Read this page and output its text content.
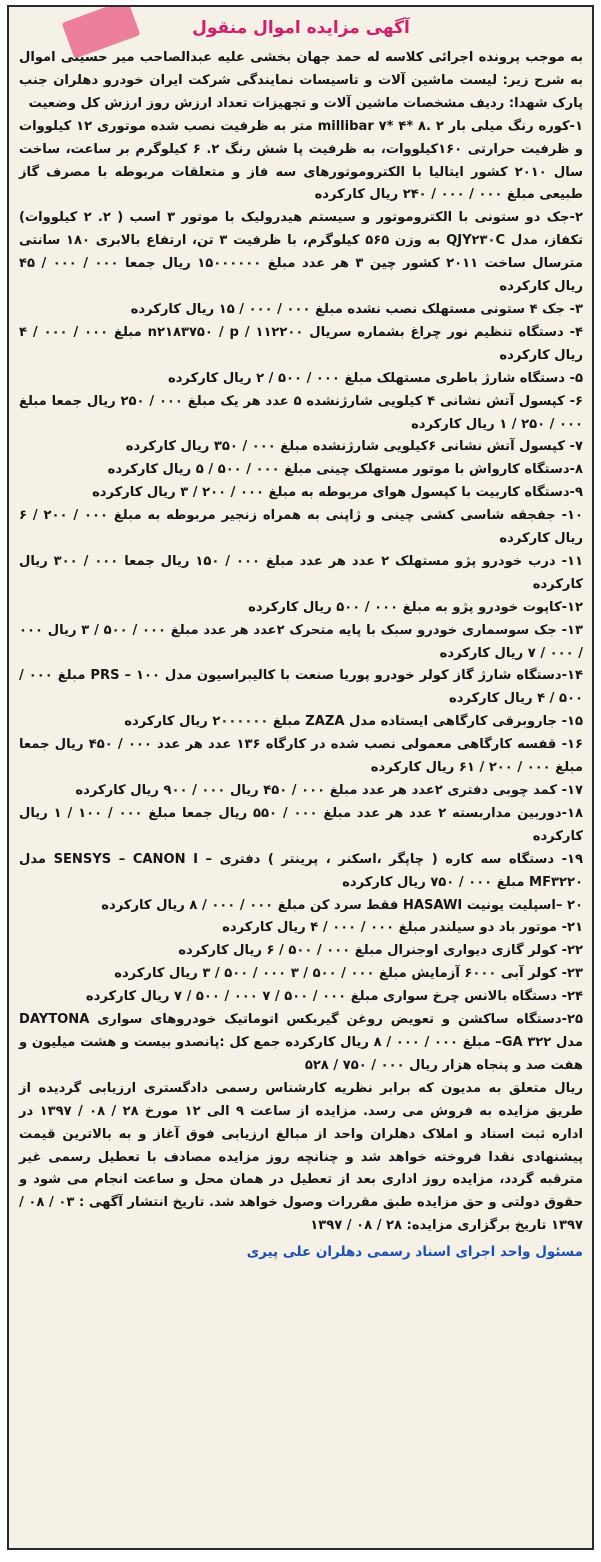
آگهی مزایده اموال منقول

به موجب پرونده اجرائی کلاسه له حمد جهان بخشی علیه عبدالصاحب میر حسینی اموال به شرح زیر: لیست ماشین آلات و تاسیسات نمایندگی شرکت ایران خودرو دهلران جنب پارک شهدا: ردیف مشخصات ماشین آلات و تجهیزات تعداد ارزش روز ارزش کل وضعیت

۱-کوره رنگ میلی بار millibar ۷* ۴* ۸. ۲ متر به ظرفیت نصب شده موتوری ۱۲ کیلووات و ظرفیت حرارتی ۱۶۰کیلووات، به ظرفیت پا شش رنگ ۲. ۶ کیلوگرم بر ساعت، ساخت سال ۲۰۱۰ کشور ایتالیا با الکتروموتورهای سه فاز و متعلقات مربوطه با مصرف گاز طبیعی مبلغ ۰۰۰ / ۰۰۰ / ۲۴۰ ریال کارکرده

۲-جک دو ستونی با الکتروموتور و سیستم هیدرولیک با موتور ۳ اسب ( ۲. ۲ کیلووات) تکفاز، مدل QJY۲۳۰C به وزن ۵۶۵ کیلوگرم، با ظرفیت ۳ تن، ارتفاع بالابری ۱۸۰ سانتی مترسال ساخت ۲۰۱۱ کشور چین ۳ هر عدد مبلغ ۱۵۰۰۰۰۰۰ ریال جمعا ۰۰۰ / ۰۰۰ / ۴۵ ریال کارکرده

۳- جک ۴ ستونی مستهلک نصب نشده مبلغ ۰۰۰ / ۰۰۰ / ۱۵ ریال کارکرده

۴- دستگاه تنظیم نور چراغ بشماره سریال ۱۱۲۲۰۰ / n۲۱۸۳۷۵۰ / p مبلغ ۰۰۰ / ۰۰۰ / ۴ ریال کارکرده

۵- دستگاه شارژ باطری مستهلک مبلغ ۰۰۰ / ۵۰۰ / ۲ ریال کارکرده

۶- کپسول آتش نشانی ۴ کیلویی شارژنشده ۵ عدد هر یک مبلغ ۰۰۰ / ۲۵۰ ریال جمعا مبلغ ۰۰۰ / ۲۵۰ / ۱ ریال کارکرده

۷- کپسول آتش نشانی ۶کیلویی شارژنشده مبلغ ۰۰۰ / ۳۵۰ ریال کارکرده

۸-دستگاه کارواش با موتور مستهلک چینی مبلغ ۰۰۰ / ۵۰۰ / ۵ ریال کارکرده

۹-دستگاه کاربیت با کپسول هوای مربوطه به مبلغ ۰۰۰ / ۲۰۰ / ۳ ریال کارکرده

۱۰- جفجقه شاسی کشی چینی و ژاپنی به همراه زنجیر مربوطه به مبلغ ۰۰۰ / ۲۰۰ / ۶ ریال کارکرده

۱۱- درب خودرو پژو مستهلک ۲ عدد هر عدد مبلغ ۰۰۰ / ۱۵۰ ریال جمعا ۰۰۰ / ۳۰۰ ریال کارکرده

۱۲-کاپوت خودرو پژو به مبلغ ۰۰۰ / ۵۰۰ ریال کارکرده

۱۳- جک سوسماری خودرو سبک با پایه متحرک ۲عدد هر عدد مبلغ ۰۰۰ / ۵۰۰ / ۳ ریال ۰۰۰ / ۰۰۰ / ۷ ریال کارکرده

۱۴-دستگاه شارژ گاز کولر خودرو پوریا صنعت با کالیبراسیون مدل ۱۰۰ – PRS مبلغ ۰۰۰ / ۵۰۰ / ۴ ریال کارکرده

۱۵- جاروبرقی کارگاهی ایستاده مدل ZAZA مبلغ ۲۰۰۰۰۰۰ ریال کارکرده

۱۶- قفسه کارگاهی معمولی نصب شده در کارگاه ۱۳۶ عدد هر عدد ۰۰۰ / ۴۵۰ ریال جمعا مبلغ ۰۰۰ / ۲۰۰ / ۶۱ ریال کارکرده

۱۷- کمد چوبی دفتری ۲عدد هر عدد مبلغ ۰۰۰ / ۴۵۰ ریال ۰۰۰ / ۹۰۰ ریال کارکرده

۱۸-دوربین مداربسته ۲ عدد هر عدد مبلغ ۰۰۰ / ۵۵۰ ریال جمعا مبلغ ۰۰۰ / ۱۰۰ / ۱ ریال کارکرده

۱۹- دستگاه سه کاره ( چاپگر ،اسکنر ، پرینتر ) دفتری – SENSYS – CANON I مدل MF۳۲۲۰ مبلغ ۰۰۰ / ۷۵۰ ریال کارکرده

۲۰ –اسپلیت یونیت HASAWI فقط سرد کن مبلغ ۰۰۰ / ۰۰۰ / ۸ ریال کارکرده

۲۱- موتور باد دو سیلندر مبلغ ۰۰۰ / ۰۰۰ / ۴ ریال کارکرده

۲۲- کولر گازی دیواری اوجنرال مبلغ ۰۰۰ / ۵۰۰ / ۶ ریال کارکرده

۲۳- کولر آبی ۶۰۰۰ آزمایش مبلغ ۰۰۰ / ۵۰۰ / ۳ ۰۰۰ / ۵۰۰ / ۳ ریال کارکرده

۲۴- دستگاه بالانس چرخ سواری مبلغ ۰۰۰ / ۵۰۰ / ۷ ۰۰۰ / ۵۰۰ / ۷ ریال کارکرده

۲۵-دستگاه ساکشن و تعویض روغن گیربکس اتوماتیک خودروهای سواری DAYTONA مدل ۳۲۲ GA– مبلغ ۰۰۰ / ۰۰۰ / ۸ ریال کارکرده جمع کل :پانصدو بیست و هشت میلیون و هفت صد و پنجاه هزار ریال ۰۰۰ / ۷۵۰ / ۵۲۸

ریال متعلق به مدیون که برابر نظریه کارشناس رسمی دادگستری ارزیابی گردیده از طریق مزایده به فروش می رسد. مزایده از ساعت ۹ الی ۱۲ مورخ ۲۸ / ۰۸ / ۱۳۹۷ در اداره ثبت اسناد و املاک دهلران واحد از مبالغ ارزیابی فوق آغاز و به بالاترین قیمت پیشنهادی نقدا فروخته خواهد شد و چنانچه روز مزایده مصادف با تعطیل رسمی غیر مترقبه گردد، مزایده روز اداری بعد از تعطیل در همان محل و ساعت انجام می شود و حقوق دولتی و حق مزایده طبق مقررات وصول خواهد شد. تاریخ انتشار آگهی : ۰۳ / ۰۸ / ۱۳۹۷ تاریخ برگزاری مزایده: ۲۸ / ۰۸ / ۱۳۹۷

مسئول واحد اجرای اسناد رسمی دهلران علی پیری
